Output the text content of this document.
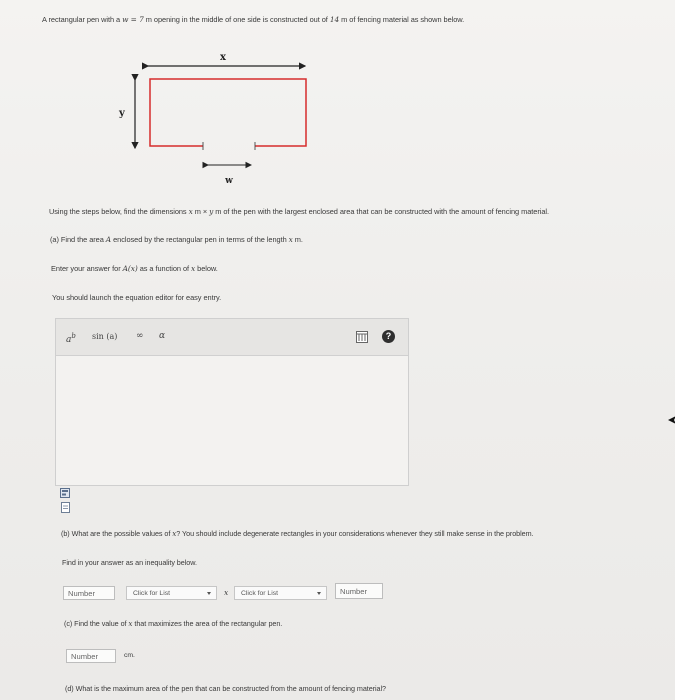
A rectangular pen with a w = 7 m opening in the middle of one side is constructed out of 14 m of fencing material as shown below.
x
y
w
Using the steps below, find the dimensions x m × y m of the pen with the largest enclosed area that can be constructed with the amount of fencing material.
(a) Find the area A enclosed by the rectangular pen in terms of the length x m.
Enter your answer for A(x) as a function of x below.
You should launch the equation editor for easy entry.
$a^b$ sin (a) ∞ α	?
(b) What are the possible values of x? You should include degenerate rectangles in your considerations whenever they still make sense in the problem.
Find in your answer as an inequality below.
Number	Click for List	x	Click for List	Number
(c) Find the value of x that maximizes the area of the rectangular pen.
Number	cm.
(d) What is the maximum area of the pen that can be constructed from the amount of fencing material?
